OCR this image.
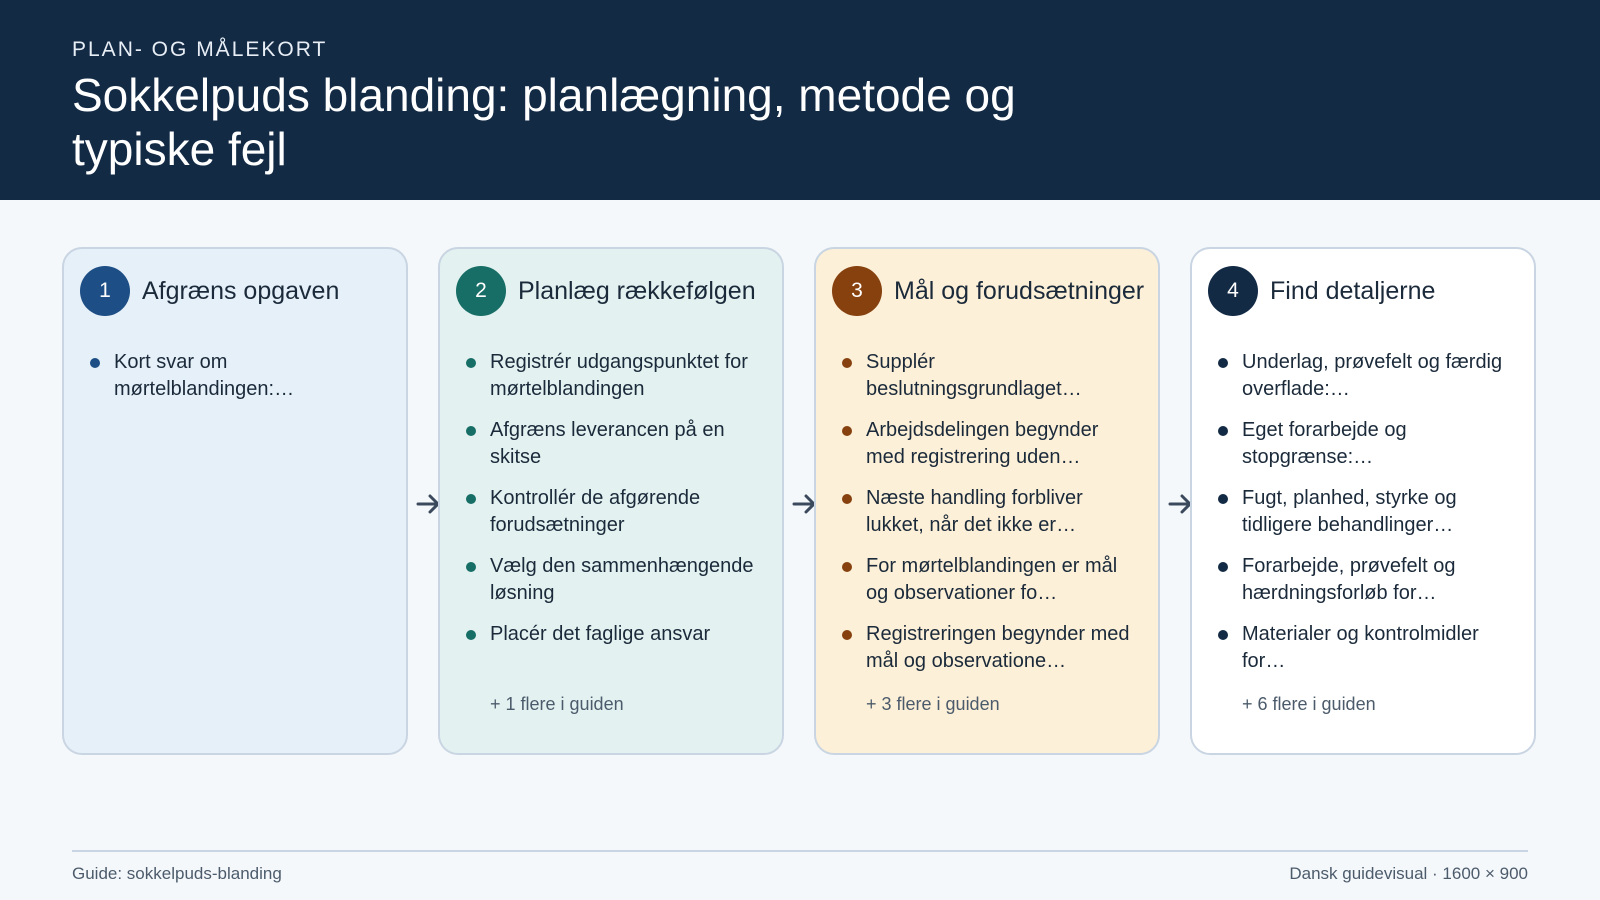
PLAN- OG MÅLEKORT
Sokkelpuds blanding: planlægning, metode og typiske fejl
1	Afgræns opgaven
Kort svar om mørtelblandingen:…
2	Planlæg rækkefølgen
Registrér udgangspunktet for mørtelblandingen
Afgræns leverancen på en skitse
Kontrollér de afgørende forudsætninger
Vælg den sammenhængende løsning
Placér det faglige ansvar
+ 1 flere i guiden
3	Mål og forudsætninger
Supplér beslutningsgrundlaget…
Arbejdsdelingen begynder med registrering uden…
Næste handling forbliver lukket, når det ikke er…
For mørtelblandingen er mål og observationer fo…
Registreringen begynder med mål og observatione…
+ 3 flere i guiden
4	Find detaljerne
Underlag, prøvefelt og færdig overflade:…
Eget forarbejde og stopgrænse:…
Fugt, planhed, styrke og tidligere behandlinger…
Forarbejde, prøvefelt og hærdningsforløb for…
Materialer og kontrolmidler for…
+ 6 flere i guiden
Guide: sokkelpuds-blanding	Dansk guidevisual · 1600 × 900
